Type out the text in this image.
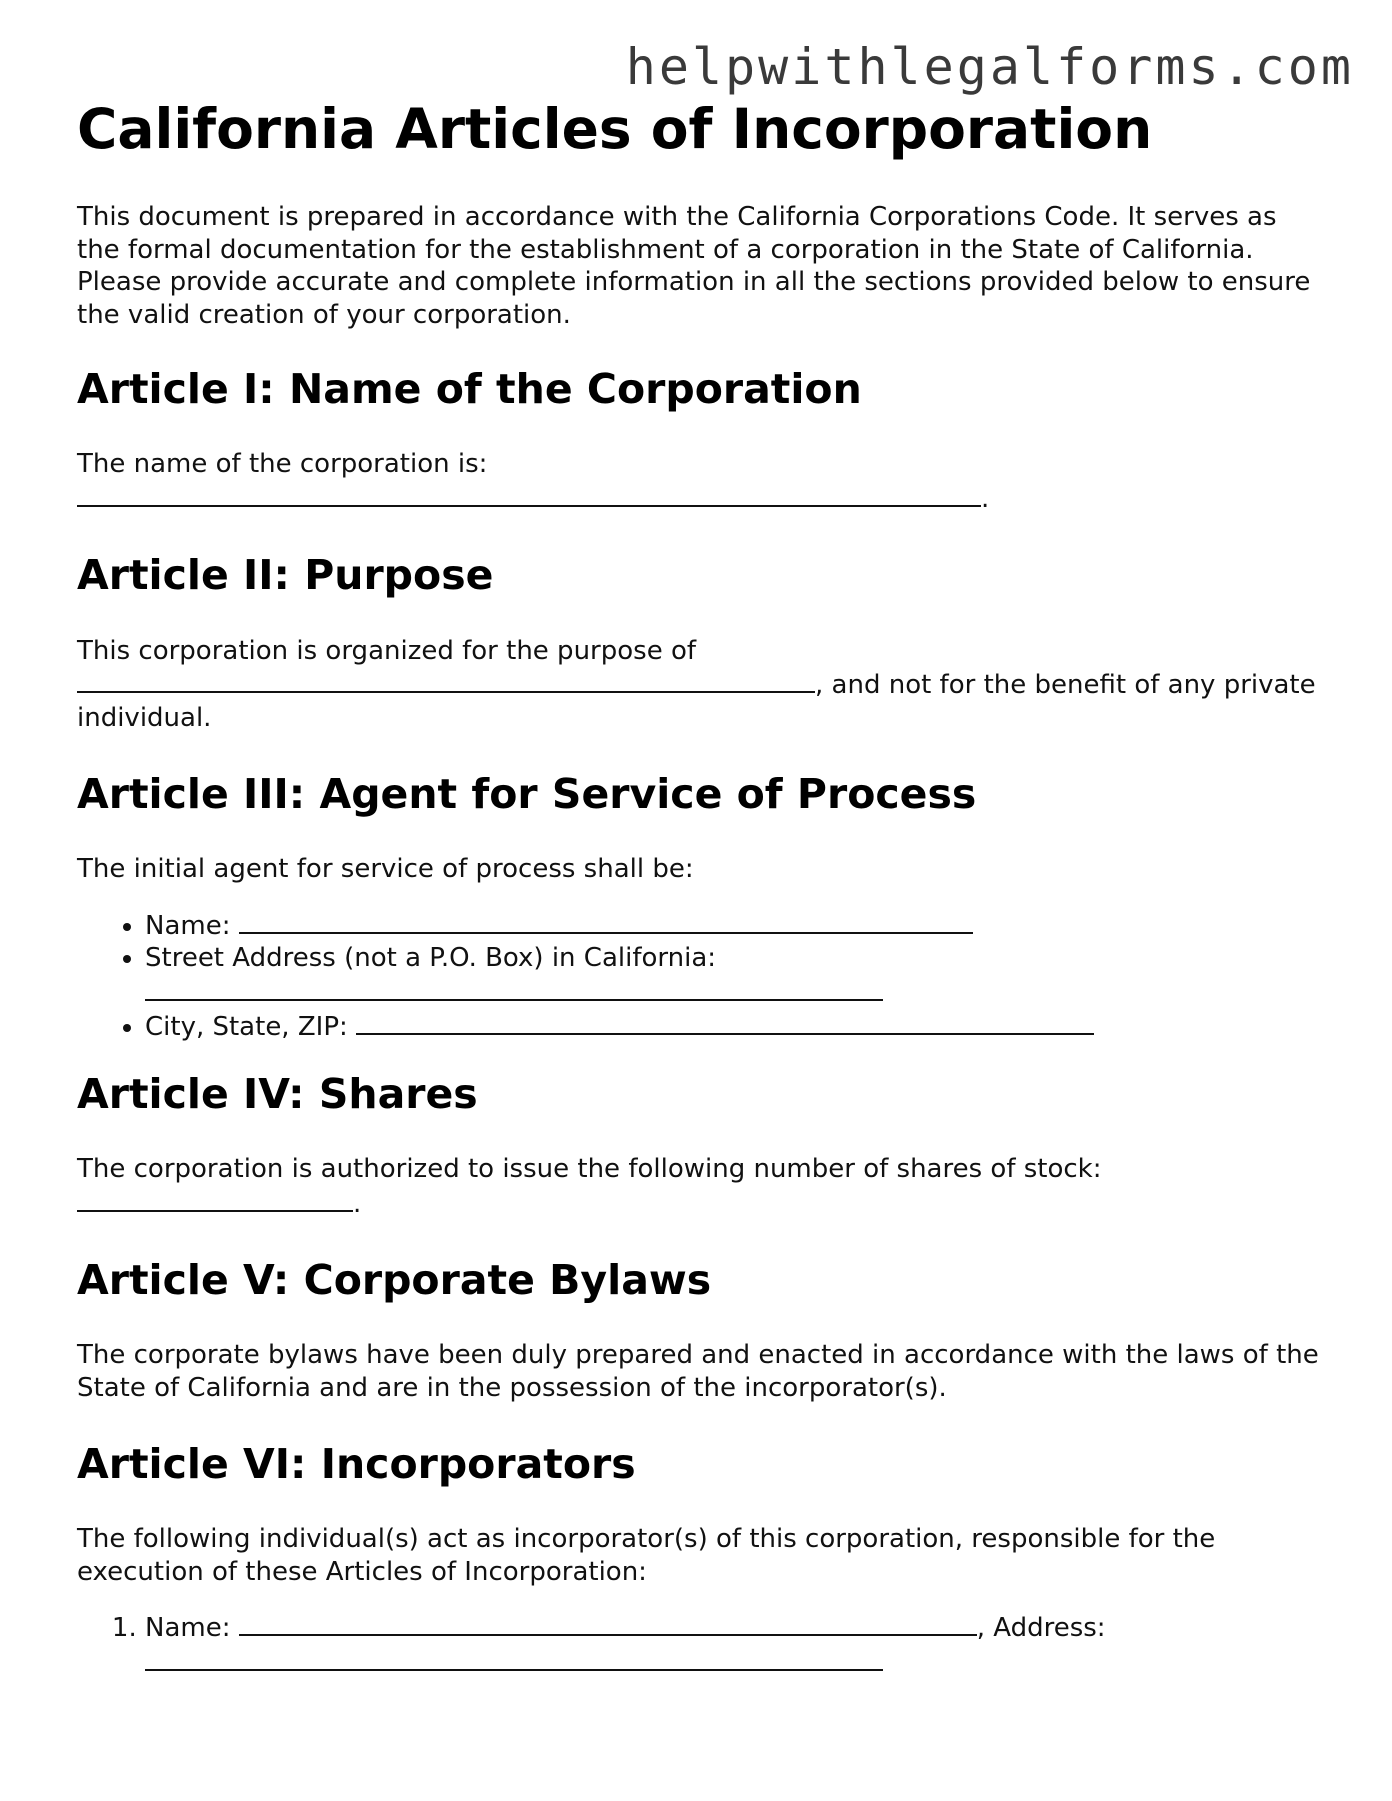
helpwithlegalforms.com
California Articles of Incorporation

This document is prepared in accordance with the California Corporations Code. It serves as the formal documentation for the establishment of a corporation in the State of California. Please provide accurate and complete information in all the sections provided below to ensure the valid creation of your corporation.

Article I: Name of the Corporation

The name of the corporation is:
.

Article II: Purpose

This corporation is organized for the purpose of
, and not for the benefit of any private individual.

Article III: Agent for Service of Process

The initial agent for service of process shall be:

• Name:
• Street Address (not a P.O. Box) in California:

• City, State, ZIP:
Article IV: Shares

The corporation is authorized to issue the following number of shares of stock:
.

Article V: Corporate Bylaws

The corporate bylaws have been duly prepared and enacted in accordance with the laws of the State of California and are in the possession of the incorporator(s).

Article VI: Incorporators

The following individual(s) act as incorporator(s) of this corporation, responsible for the execution of these Articles of Incorporation:

1. Name:	, Address:
